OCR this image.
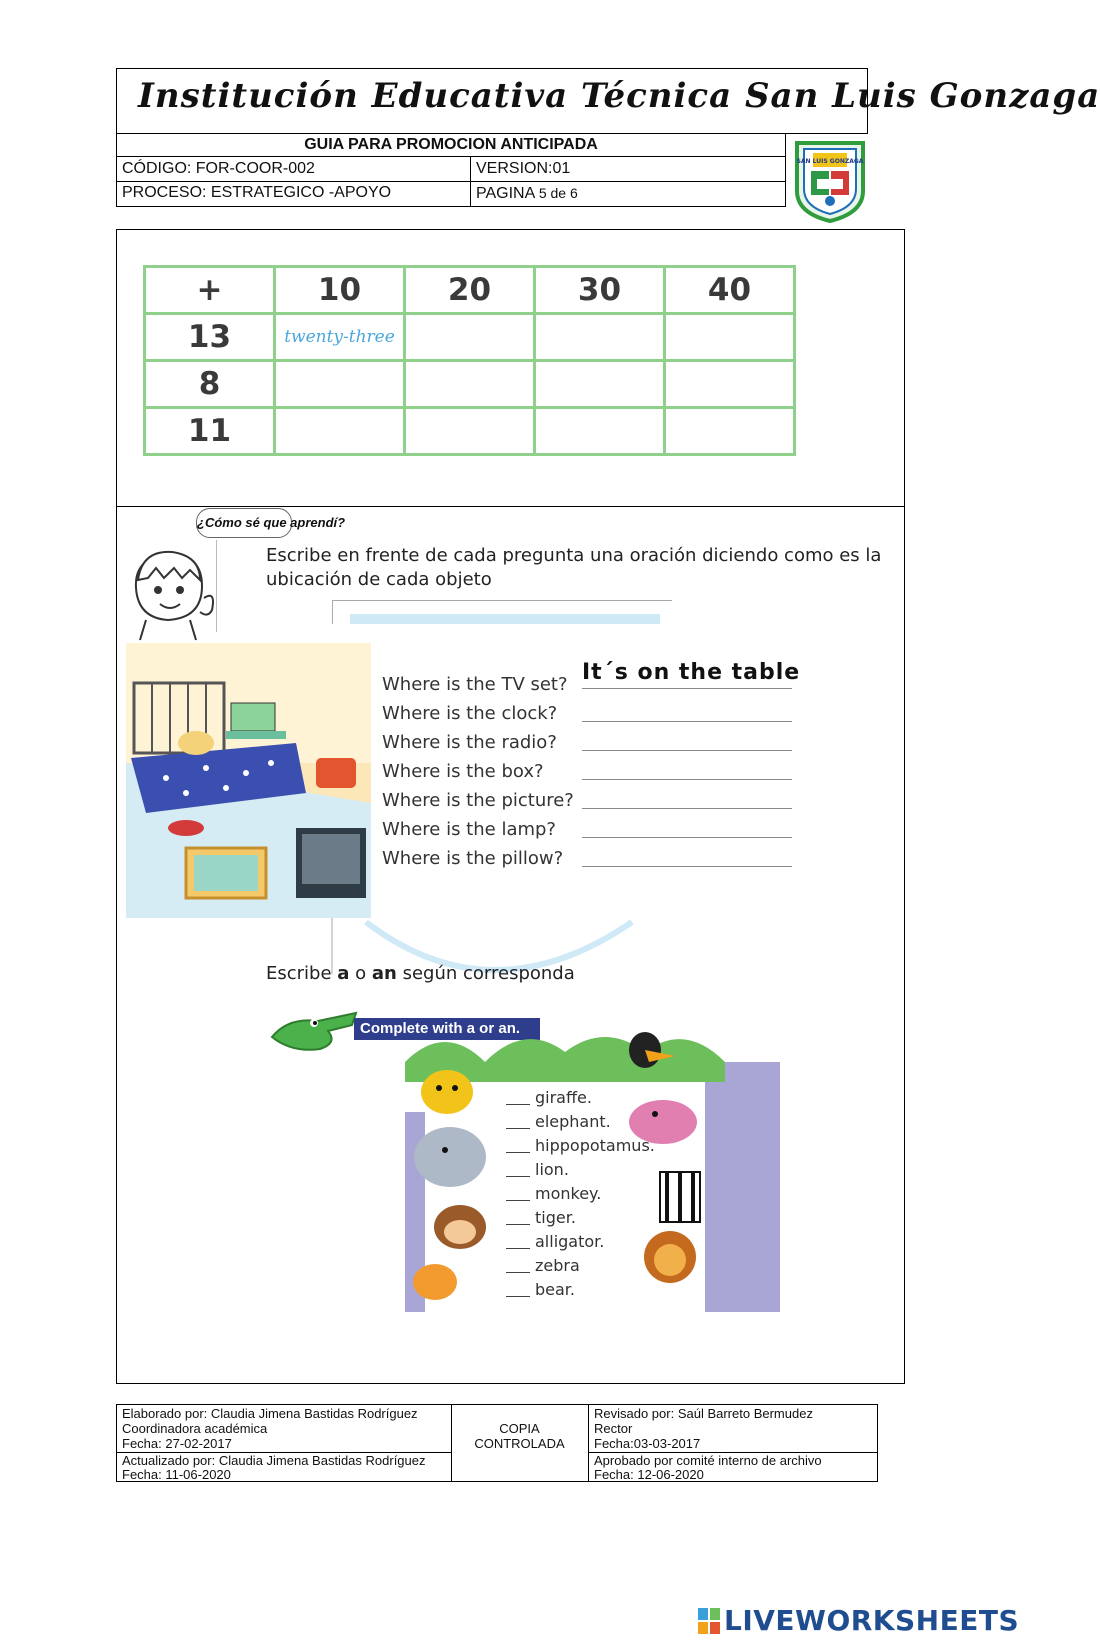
Institución Educativa Técnica San Luis Gonzaga
GUIA PARA PROMOCION ANTICIPADA
CÓDIGO: FOR-COOR-002	VERSION:01
PROCESO: ESTRATEGICO -APOYO	PAGINA 5 de 6
SAN LUIS GONZAGA
+	10	20	30	40
13	twenty-three			
8				
11				
¿Cómo sé que aprendí?
Escribe en frente de cada pregunta una oración diciendo como es la
ubicación de cada objeto
It´s on the table
Where is the TV set?
Where is the clock?
Where is the radio?
Where is the box?
Where is the picture?
Where is the lamp?
Where is the pillow?
Escribe a o an según corresponda
Complete with a or an.
giraffe.
elephant.
hippopotamus.
lion.
monkey.
tiger.
alligator.
zebra
bear.
Elaborado por: Claudia Jimena Bastidas Rodríguez
Coordinadora académica
Fecha: 27-02-2017
Actualizado por: Claudia Jimena Bastidas Rodríguez
Fecha: 11-06-2020
COPIA
CONTROLADA
Revisado por: Saúl Barreto Bermudez
Rector
Fecha:03-03-2017
Aprobado por comité interno de archivo
Fecha: 12-06-2020
LIVEWORKSHEETS
